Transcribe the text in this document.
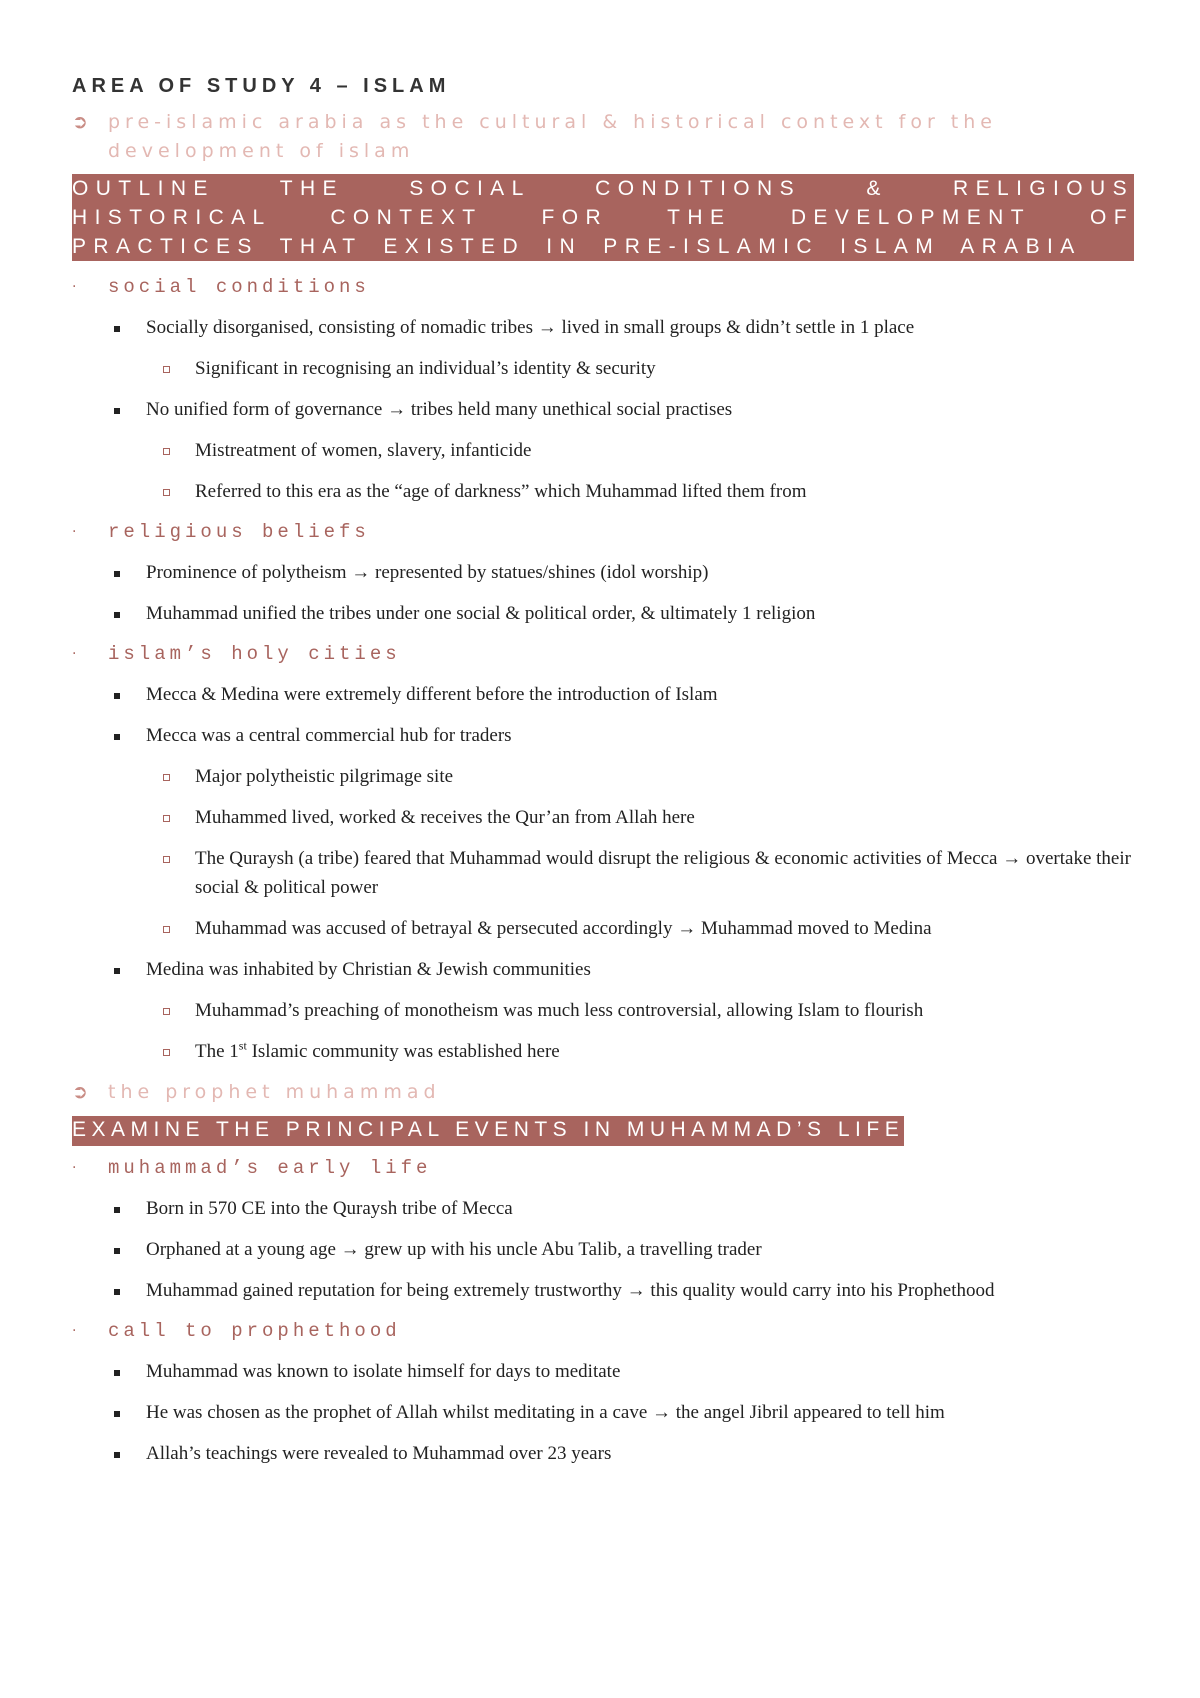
AREA OF STUDY 4 – ISLAM
➲	pre-islamic arabia as the cultural & historical context for the development of islam
OUTLINE THE SOCIAL CONDITIONS & RELIGIOUS HISTORICAL CONTEXT FOR THE DEVELOPMENT OF PRACTICES THAT EXISTED IN PRE-ISLAMIC ISLAM ARABIA
·	social conditions
Socially disorganised, consisting of nomadic tribes → lived in small groups & didn’t settle in 1 place
Significant in recognising an individual’s identity & security
No unified form of governance → tribes held many unethical social practises
Mistreatment of women, slavery, infanticide
Referred to this era as the “age of darkness” which Muhammad lifted them from
·	religious beliefs
Prominence of polytheism → represented by statues/shines (idol worship)
Muhammad unified the tribes under one social & political order, & ultimately 1 religion
·	islam’s holy cities
Mecca & Medina were extremely different before the introduction of Islam
Mecca was a central commercial hub for traders
Major polytheistic pilgrimage site
Muhammed lived, worked & receives the Qur’an from Allah here
The Quraysh (a tribe) feared that Muhammad would disrupt the religious & economic activities of Mecca → overtake their social & political power
Muhammad was accused of betrayal & persecuted accordingly → Muhammad moved to Medina
Medina was inhabited by Christian & Jewish communities
Muhammad’s preaching of monotheism was much less controversial, allowing Islam to flourish
The 1st Islamic community was established here
➲	the prophet muhammad
EXAMINE THE PRINCIPAL EVENTS IN MUHAMMAD’S LIFE
·	muhammad’s early life
Born in 570 CE into the Quraysh tribe of Mecca
Orphaned at a young age → grew up with his uncle Abu Talib, a travelling trader
Muhammad gained reputation for being extremely trustworthy → this quality would carry into his Prophethood
·	call to prophethood
Muhammad was known to isolate himself for days to meditate
He was chosen as the prophet of Allah whilst meditating in a cave → the angel Jibril appeared to tell him
Allah’s teachings were revealed to Muhammad over 23 years
